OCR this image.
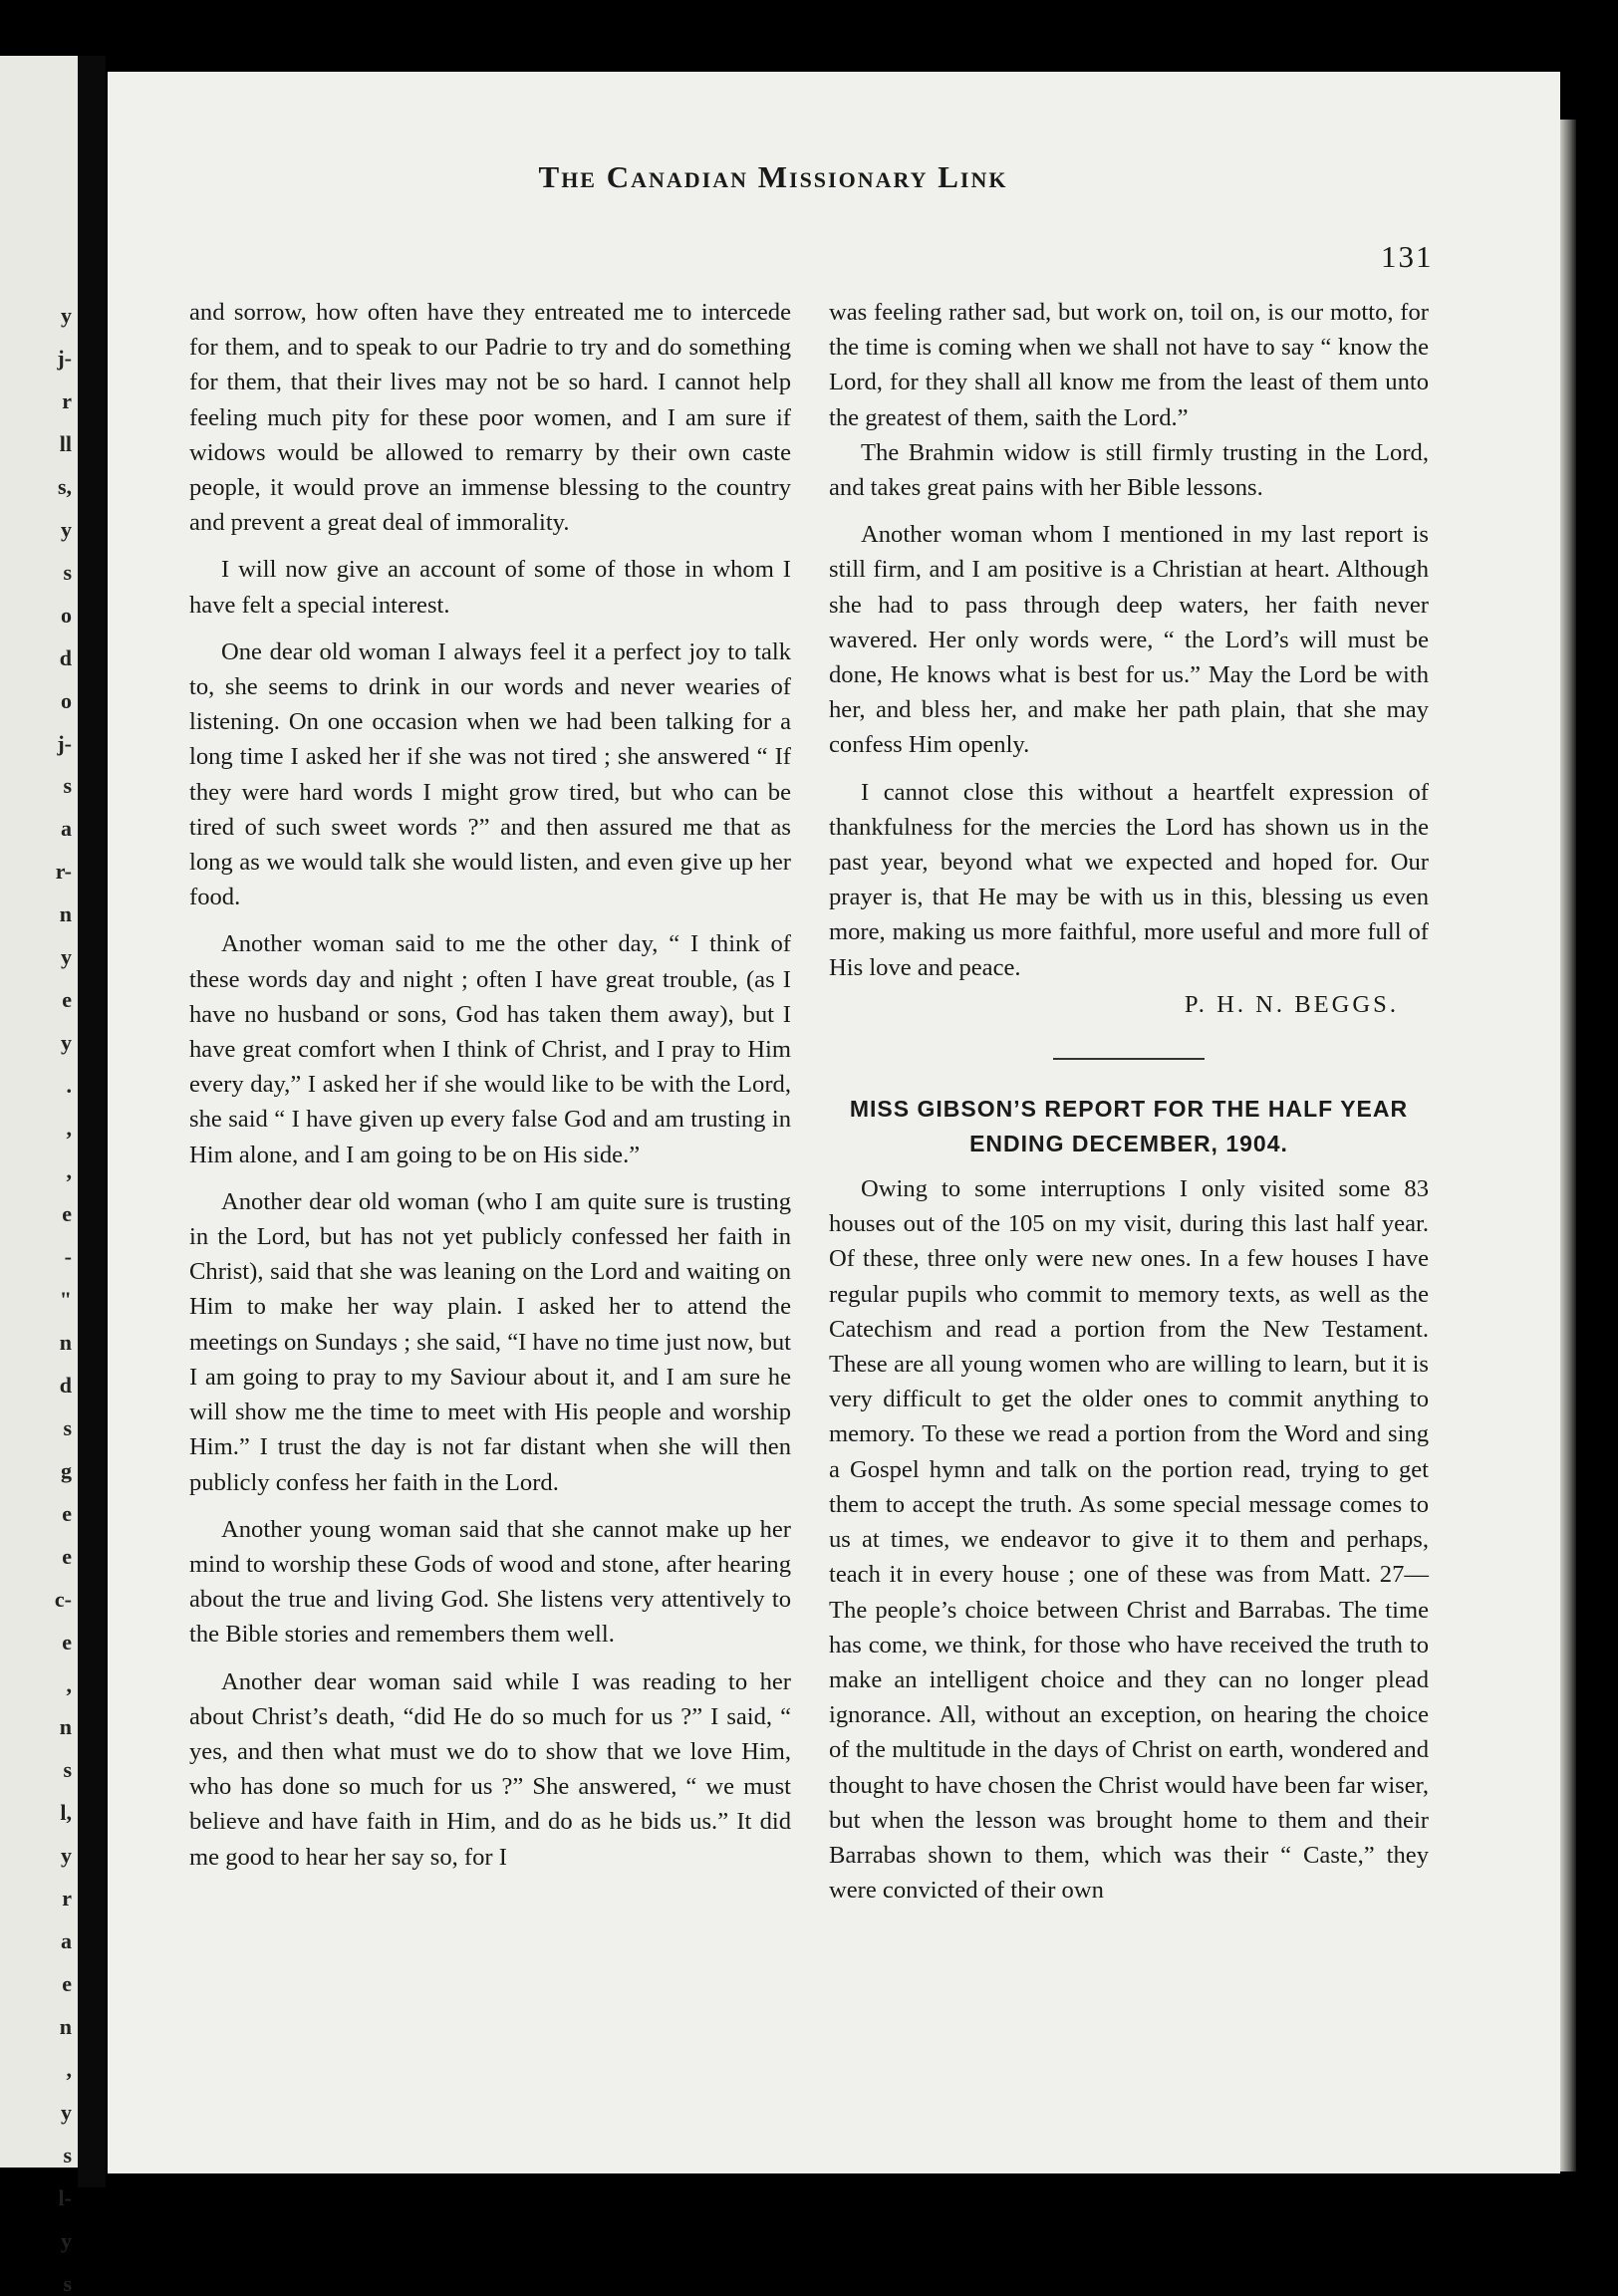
y
j-
r
ll
s,
y
s
o
d
o
j-
s
a
r-
n
y
e
y
.
,
,
e
-
"
n
d
s
g
e
e
c-
e
,
n
s
l,
y
r
a
e
n
,
y
s
l-
y
s
The Canadian Missionary Link
131

and sorrow, how often have they entreated me to intercede for them, and to speak to our Padrie to try and do something for them, that their lives may not be so hard. I cannot help feeling much pity for these poor women, and I am sure if widows would be allowed to remarry by their own caste people, it would prove an immense blessing to the country and prevent a great deal of immorality.

I will now give an account of some of those in whom I have felt a special interest.

One dear old woman I always feel it a perfect joy to talk to, she seems to drink in our words and never wearies of listening. On one occasion when we had been talking for a long time I asked her if she was not tired ; she answered “ If they were hard words I might grow tired, but who can be tired of such sweet words ?” and then assured me that as long as we would talk she would listen, and even give up her food.

Another woman said to me the other day, “ I think of these words day and night ; often I have great trouble, (as I have no husband or sons, God has taken them away), but I have great comfort when I think of Christ, and I pray to Him every day,” I asked her if she would like to be with the Lord, she said “ I have given up every false God and am trusting in Him alone, and I am going to be on His side.”

Another dear old woman (who I am quite sure is trusting in the Lord, but has not yet publicly confessed her faith in Christ), said that she was leaning on the Lord and waiting on Him to make her way plain. I asked her to attend the meetings on Sundays ; she said, “I have no time just now, but I am going to pray to my Saviour about it, and I am sure he will show me the time to meet with His people and worship Him.” I trust the day is not far distant when she will then publicly confess her faith in the Lord.

Another young woman said that she cannot make up her mind to worship these Gods of wood and stone, after hearing about the true and living God. She listens very attentively to the Bible stories and remembers them well.

Another dear woman said while I was reading to her about Christ’s death, “did He do so much for us ?” I said, “ yes, and then what must we do to show that we love Him, who has done so much for us ?” She answered, “ we must believe and have faith in Him, and do as he bids us.” It did me good to hear her say so, for I

was feeling rather sad, but work on, toil on, is our motto, for the time is coming when we shall not have to say “ know the Lord, for they shall all know me from the least of them unto the greatest of them, saith the Lord.”

The Brahmin widow is still firmly trusting in the Lord, and takes great pains with her Bible lessons.

Another woman whom I mentioned in my last report is still firm, and I am positive is a Christian at heart. Although she had to pass through deep waters, her faith never wavered. Her only words were, “ the Lord’s will must be done, He knows what is best for us.” May the Lord be with her, and bless her, and make her path plain, that she may confess Him openly.

I cannot close this without a heartfelt expression of thankfulness for the mercies the Lord has shown us in the past year, beyond what we expected and hoped for. Our prayer is, that He may be with us in this, blessing us even more, making us more faithful, more useful and more full of His love and peace.

P. H. N. BEGGS.
MISS GIBSON’S REPORT FOR THE HALF YEAR ENDING DECEMBER, 1904.

Owing to some interruptions I only visited some 83 houses out of the 105 on my visit, during this last half year. Of these, three only were new ones. In a few houses I have regular pupils who commit to memory texts, as well as the Catechism and read a portion from the New Testament. These are all young women who are willing to learn, but it is very difficult to get the older ones to commit anything to memory. To these we read a portion from the Word and sing a Gospel hymn and talk on the portion read, trying to get them to accept the truth. As some special message comes to us at times, we endeavor to give it to them and perhaps, teach it in every house ; one of these was from Matt. 27—The people’s choice between Christ and Barrabas. The time has come, we think, for those who have received the truth to make an intelligent choice and they can no longer plead ignorance. All, without an exception, on hearing the choice of the multitude in the days of Christ on earth, wondered and thought to have chosen the Christ would have been far wiser, but when the lesson was brought home to them and their Barrabas shown to them, which was their “ Caste,” they were convicted of their own
